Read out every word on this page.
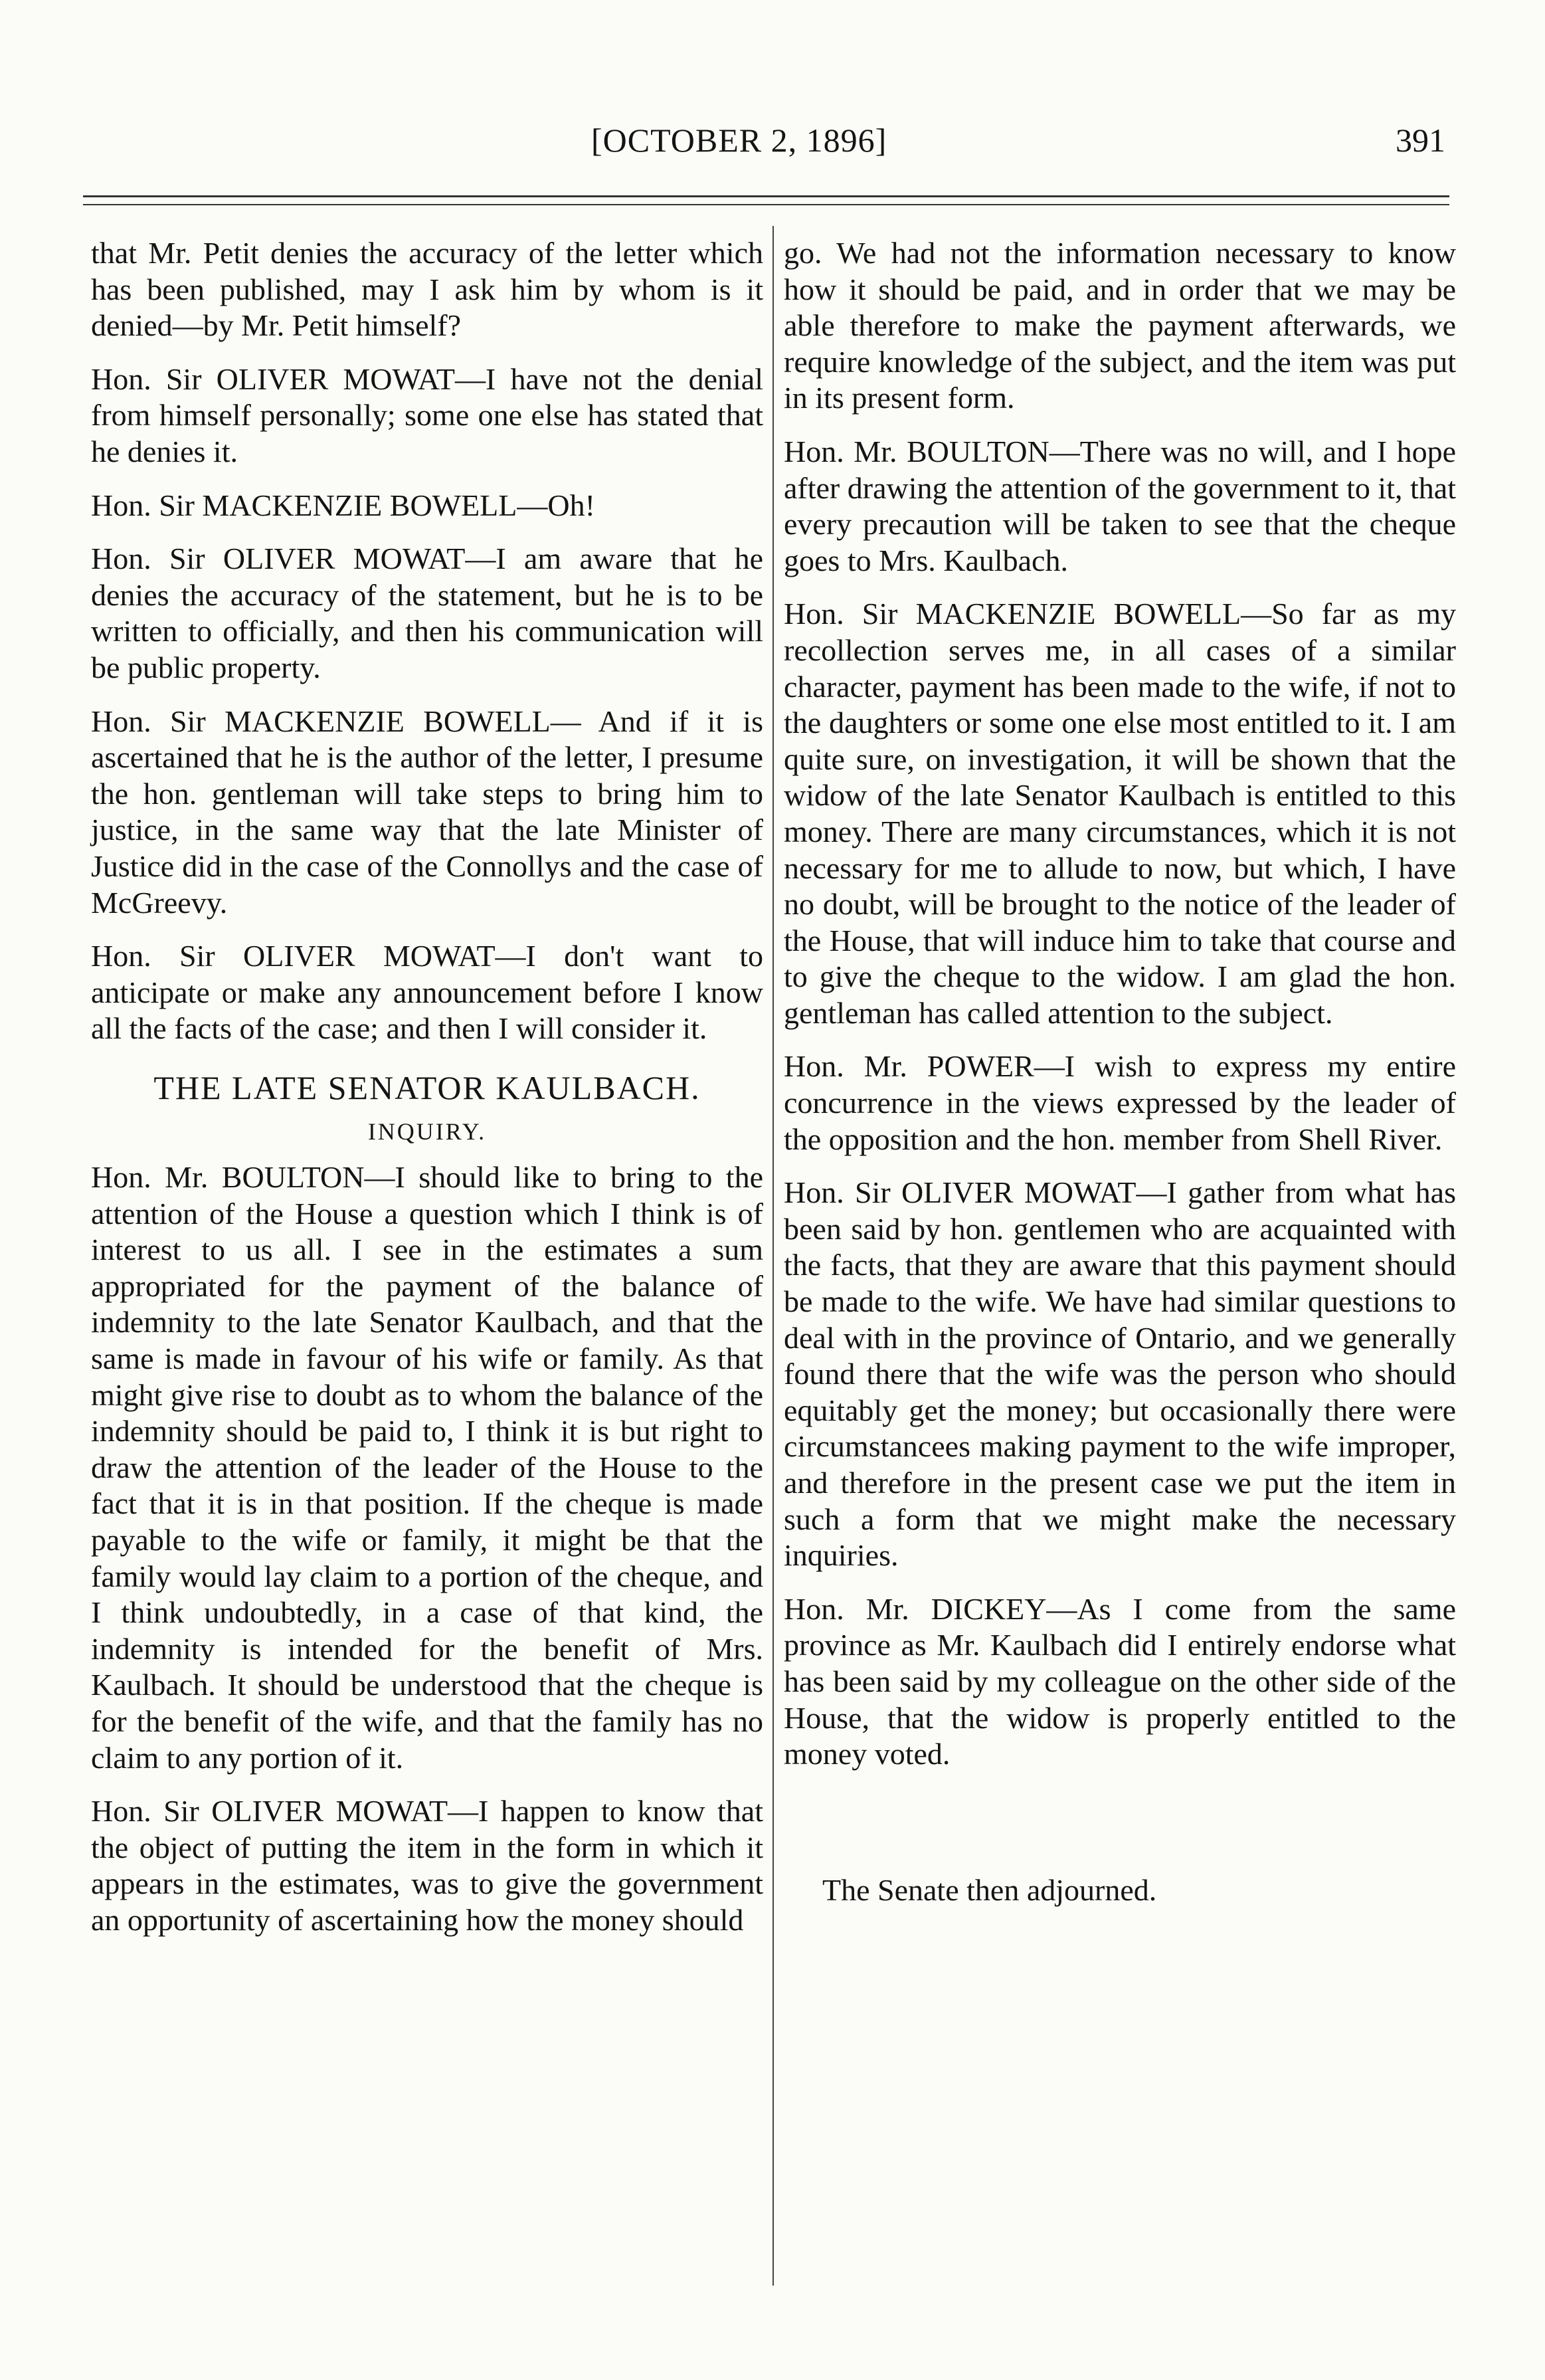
[OCTOBER 2, 1896]	391

that Mr. Petit denies the accuracy of the letter which has been published, may I ask him by whom is it denied—by Mr. Petit himself?

Hon. Sir OLIVER MOWAT—I have not the denial from himself personally; some one else has stated that he denies it.

Hon. Sir MACKENZIE BOWELL—Oh!

Hon. Sir OLIVER MOWAT—I am aware that he denies the accuracy of the statement, but he is to be written to officially, and then his communication will be public property.

Hon. Sir MACKENZIE BOWELL— And if it is ascertained that he is the author of the letter, I presume the hon. gentleman will take steps to bring him to justice, in the same way that the late Minister of Justice did in the case of the Connollys and the case of McGreevy.

Hon. Sir OLIVER MOWAT—I don't want to anticipate or make any announcement before I know all the facts of the case; and then I will consider it.

THE LATE SENATOR KAULBACH.
INQUIRY.

Hon. Mr. BOULTON—I should like to bring to the attention of the House a question which I think is of interest to us all. I see in the estimates a sum appropriated for the payment of the balance of indemnity to the late Senator Kaulbach, and that the same is made in favour of his wife or family. As that might give rise to doubt as to whom the balance of the indemnity should be paid to, I think it is but right to draw the attention of the leader of the House to the fact that it is in that position. If the cheque is made payable to the wife or family, it might be that the family would lay claim to a portion of the cheque, and I think undoubtedly, in a case of that kind, the indemnity is intended for the benefit of Mrs. Kaulbach. It should be understood that the cheque is for the benefit of the wife, and that the family has no claim to any portion of it.

Hon. Sir OLIVER MOWAT—I happen to know that the object of putting the item in the form in which it appears in the estimates, was to give the government an opportunity of ascertaining how the money should

go. We had not the information necessary to know how it should be paid, and in order that we may be able therefore to make the payment afterwards, we require knowledge of the subject, and the item was put in its present form.

Hon. Mr. BOULTON—There was no will, and I hope after drawing the attention of the government to it, that every precaution will be taken to see that the cheque goes to Mrs. Kaulbach.

Hon. Sir MACKENZIE BOWELL—So far as my recollection serves me, in all cases of a similar character, payment has been made to the wife, if not to the daughters or some one else most entitled to it. I am quite sure, on investigation, it will be shown that the widow of the late Senator Kaulbach is entitled to this money. There are many circumstances, which it is not necessary for me to allude to now, but which, I have no doubt, will be brought to the notice of the leader of the House, that will induce him to take that course and to give the cheque to the widow. I am glad the hon. gentleman has called attention to the subject.

Hon. Mr. POWER—I wish to express my entire concurrence in the views expressed by the leader of the opposition and the hon. member from Shell River.

Hon. Sir OLIVER MOWAT—I gather from what has been said by hon. gentlemen who are acquainted with the facts, that they are aware that this payment should be made to the wife. We have had similar questions to deal with in the province of Ontario, and we generally found there that the wife was the person who should equitably get the money; but occasionally there were circumstancees making payment to the wife improper, and therefore in the present case we put the item in such a form that we might make the necessary inquiries.

Hon. Mr. DICKEY—As I come from the same province as Mr. Kaulbach did I entirely endorse what has been said by my colleague on the other side of the House, that the widow is properly entitled to the money voted.

The Senate then adjourned.
